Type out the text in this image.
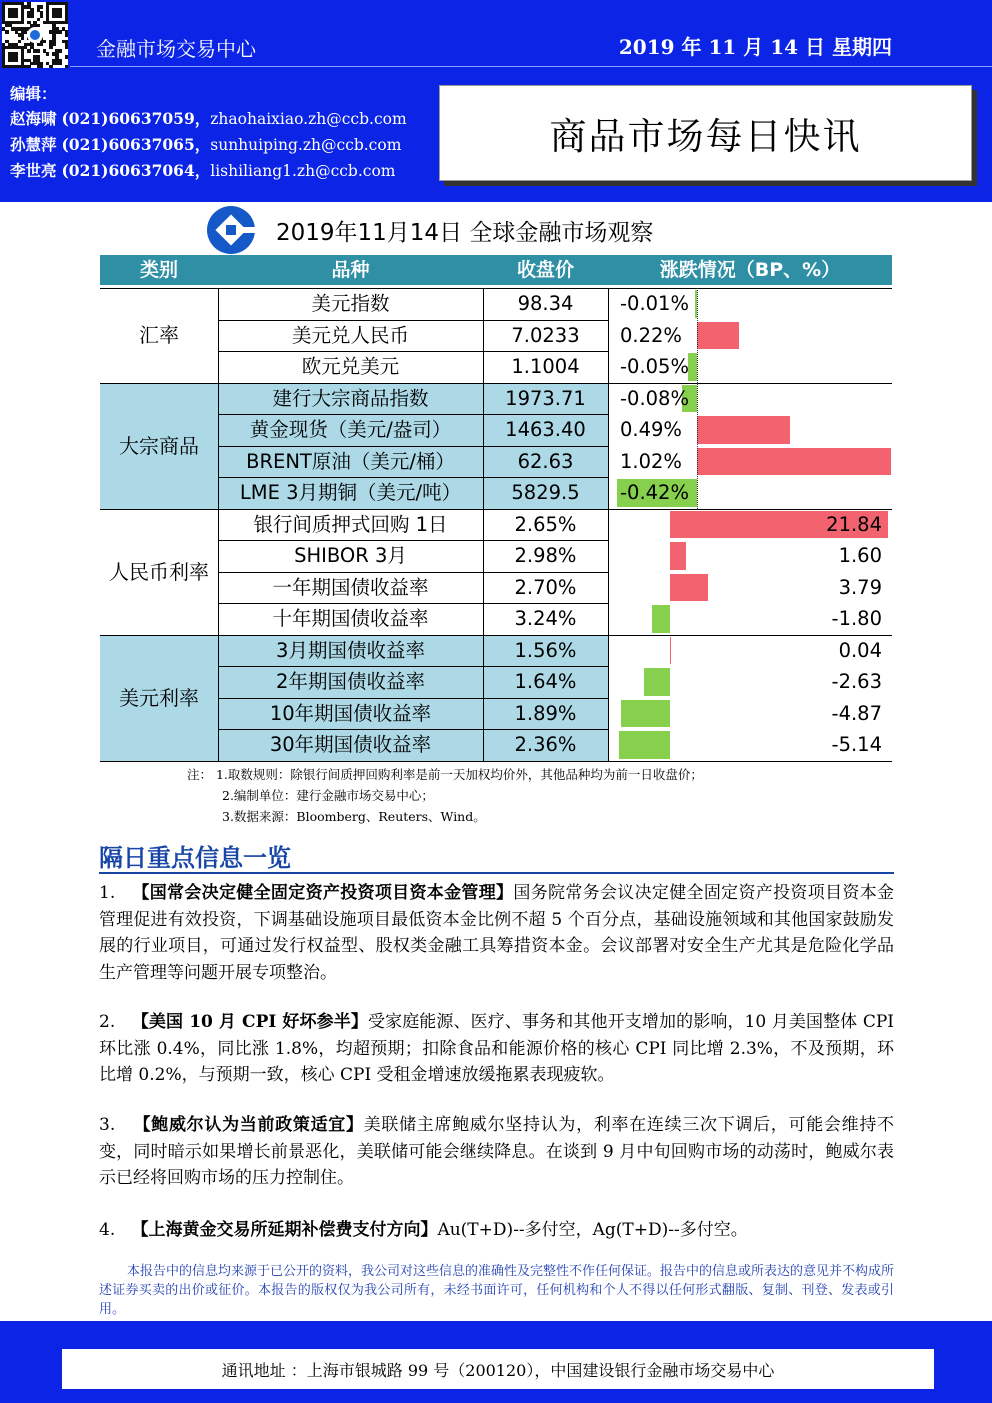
金融市场交易中心	2019 年 11 月 14 日 星期四
编辑：
赵海啸 (021)60637059，zhaohaixiao.zh@ccb.com
孙慧萍 (021)60637065，sunhuiping.zh@ccb.com
李世亮 (021)60637064，lishiliang1.zh@ccb.com
商品市场每日快讯
2019年11月14日 全球金融市场观察
类别	品种	收盘价	涨跌情况（BP、%）
汇率
美元指数	98.34	-0.01%
美元兑人民币	7.0233	0.22%
欧元兑美元	1.1004	-0.05%
大宗商品
建行大宗商品指数	1973.71	-0.08%
黄金现货（美元/盎司）	1463.40	0.49%
BRENT原油（美元/桶）	62.63	1.02%
LME 3月期铜（美元/吨）	5829.5	-0.42%
人民币利率
银行间质押式回购 1日	2.65%	21.84
SHIBOR 3月	2.98%	1.60
一年期国债收益率	2.70%	3.79
十年期国债收益率	3.24%	-1.80
美元利率
3月期国债收益率	1.56%	0.04
2年期国债收益率	1.64%	-2.63
10年期国债收益率	1.89%	-4.87
30年期国债收益率	2.36%	-5.14
注： 1.取数规则：除银行间质押回购利率是前一天加权均价外，其他品种均为前一日收盘价；
2.编制单位：建行金融市场交易中心；
3.数据来源：Bloomberg、Reuters、Wind。
隔日重点信息一览
1. 【国常会决定健全固定资产投资项目资本金管理】国务院常务会议决定健全固定资产投资项目资本金管理促进有效投资，下调基础设施项目最低资本金比例不超 5 个百分点，基础设施领域和其他国家鼓励发展的行业项目，可通过发行权益型、股权类金融工具筹措资本金。会议部署对安全生产尤其是危险化学品生产管理等问题开展专项整治。
2. 【美国 10 月 CPI 好坏参半】受家庭能源、医疗、事务和其他开支增加的影响，10 月美国整体 CPI 环比涨 0.4%，同比涨 1.8%，均超预期；扣除食品和能源价格的核心 CPI 同比增 2.3%，不及预期，环比增 0.2%，与预期一致，核心 CPI 受租金增速放缓拖累表现疲软。
3. 【鲍威尔认为当前政策适宜】美联储主席鲍威尔坚持认为，利率在连续三次下调后，可能会维持不变，同时暗示如果增长前景恶化，美联储可能会继续降息。在谈到 9 月中旬回购市场的动荡时，鲍威尔表示已经将回购市场的压力控制住。
4. 【上海黄金交易所延期补偿费支付方向】Au(T+D)--多付空，Ag(T+D)--多付空。
本报告中的信息均来源于已公开的资料，我公司对这些信息的准确性及完整性不作任何保证。报告中的信息或所表达的意见并不构成所述证券买卖的出价或征价。本报告的版权仅为我公司所有，未经书面许可，任何机构和个人不得以任何形式翻版、复制、刊登、发表或引用。
通讯地址 ：上海市银城路 99 号（200120），中国建设银行金融市场交易中心
